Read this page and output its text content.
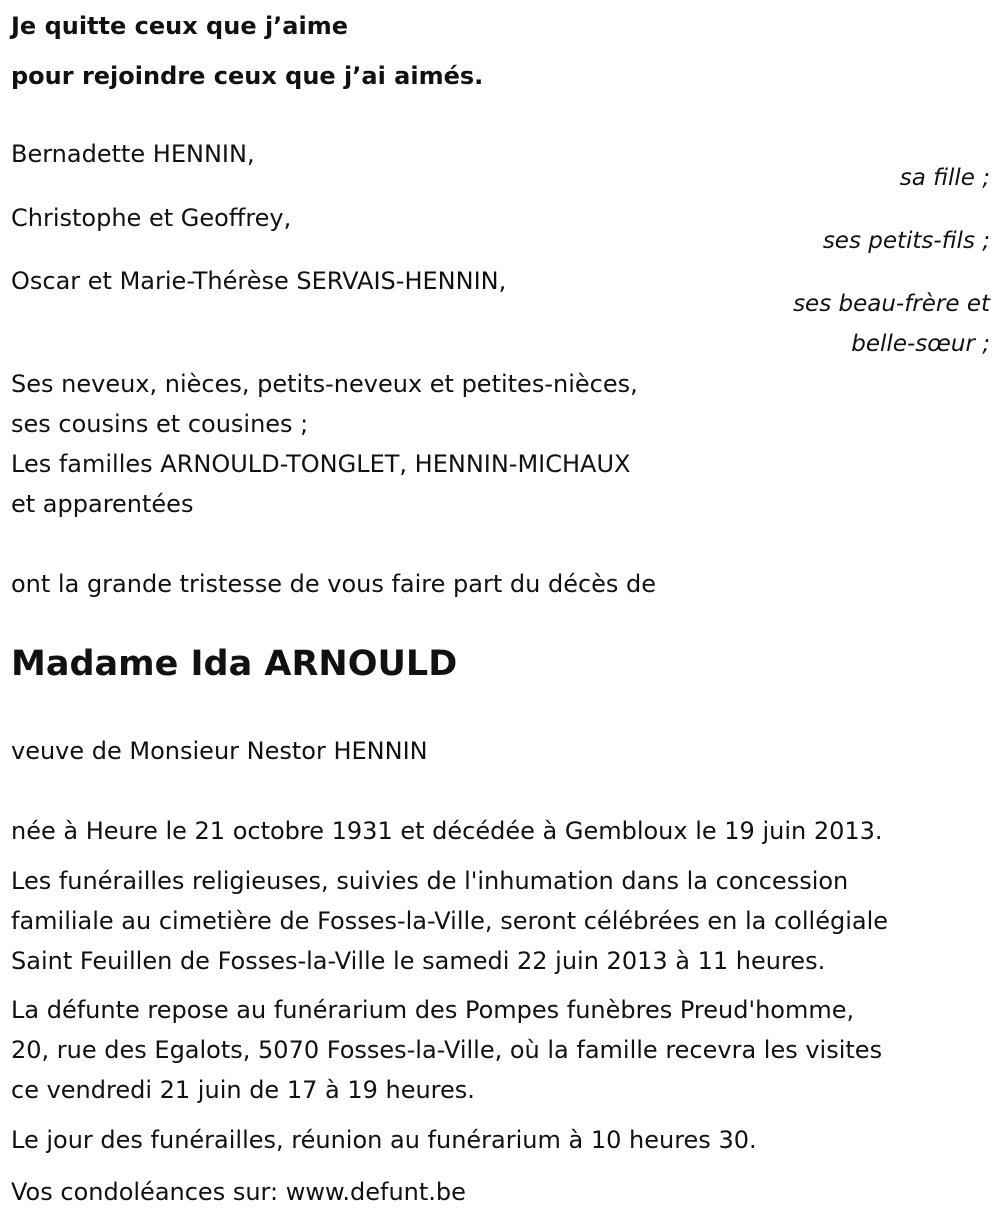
Je quitte ceux que j’aime

pour rejoindre ceux que j’ai aimés.

Bernadette HENNIN,

sa fille ;

Christophe et Geoffrey,

ses petits-fils ;

Oscar et Marie-Thérèse SERVAIS-HENNIN,

ses beau-frère et

belle-sœur ;

Ses neveux, nièces, petits-neveux et petites-nièces,

ses cousins et cousines ;

Les familles ARNOULD-TONGLET, HENNIN-MICHAUX

et apparentées

ont la grande tristesse de vous faire part du décès de

Madame Ida ARNOULD

veuve de Monsieur Nestor HENNIN

née à Heure le 21 octobre 1931 et décédée à Gembloux le 19 juin 2013.

Les funérailles religieuses, suivies de l'inhumation dans la concession

familiale au cimetière de Fosses-la-Ville, seront célébrées en la collégiale

Saint Feuillen de Fosses-la-Ville le samedi 22 juin 2013 à 11 heures.

La défunte repose au funérarium des Pompes funèbres Preud'homme,

20, rue des Egalots, 5070 Fosses-la-Ville, où la famille recevra les visites

ce vendredi 21 juin de 17 à 19 heures.

Le jour des funérailles, réunion au funérarium à 10 heures 30.

Vos condoléances sur: www.defunt.be
